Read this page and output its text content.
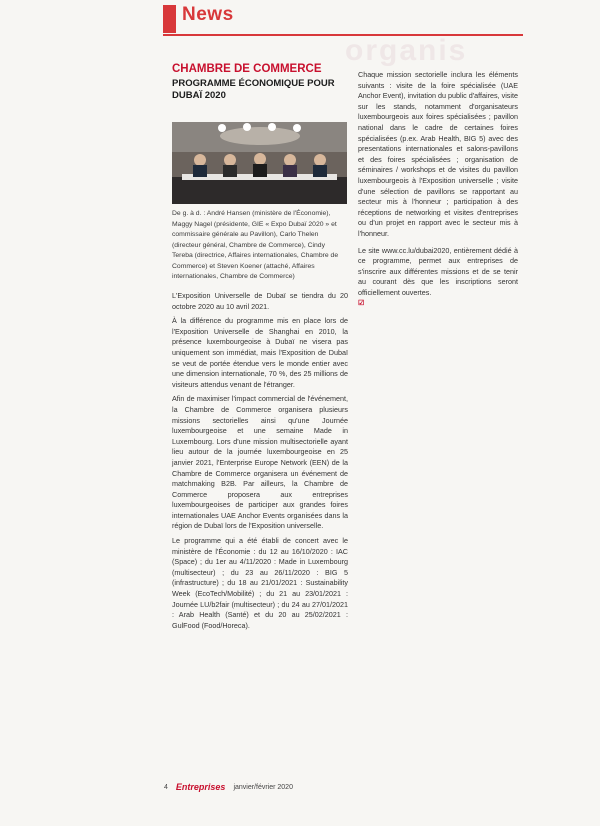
News
organis
CHAMBRE DE COMMERCE
PROGRAMME ÉCONOMIQUE POUR DUBAÏ 2020
De g. à d. : André Hansen (ministère de l'Économie), Maggy Nagel (présidente, GIE « Expo Dubaï 2020 » et commissaire générale au Pavillon), Carlo Thelen (directeur général, Chambre de Commerce), Cindy Tereba (directrice, Affaires internationales, Chambre de Commerce) et Steven Koener (attaché, Affaires internationales, Chambre de Commerce)

L'Exposition Universelle de Dubaï se tiendra du 20 octobre 2020 au 10 avril 2021.

À la différence du programme mis en place lors de l'Exposition Universelle de Shanghai en 2010, la présence luxembourgeoise à Dubaï ne visera pas uniquement son immédiat, mais l'Exposition de Dubaï se veut de portée étendue vers le monde entier avec une dimension internationale, 70 %, des 25 millions de visiteurs attendus venant de l'étranger.

Afin de maximiser l'impact commercial de l'événement, la Chambre de Commerce organisera plusieurs missions sectorielles ainsi qu'une Journée luxembourgeoise et une semaine Made in Luxembourg. Lors d'une mission multisectorielle ayant lieu autour de la journée luxembourgeoise en 25 janvier 2021, l'Enterprise Europe Network (EEN) de la Chambre de Commerce organisera un événement de matchmaking B2B. Par ailleurs, la Chambre de Commerce proposera aux entreprises luxembourgeoises de participer aux grandes foires internationales UAE Anchor Events organisées dans la région de Dubaï lors de l'Exposition universelle.

Le programme qui a été établi de concert avec le ministère de l'Économie : du 12 au 16/10/2020 : IAC (Space) ; du 1er au 4/11/2020 : Made in Luxembourg (multisecteur) ; du 23 au 26/11/2020 : BIG 5 (infrastructure) ; du 18 au 21/01/2021 : Sustainability Week (EcoTech/Mobilité) ; du 21 au 23/01/2021 : Journée LU/b2fair (multisecteur) ; du 24 au 27/01/2021 : Arab Health (Santé) et du 20 au 25/02/2021 : GulFood (Food/Horeca).

Chaque mission sectorielle inclura les éléments suivants : visite de la foire spécialisée (UAE Anchor Event), invitation du public d'affaires, visite sur les stands, notamment d'organisateurs luxembourgeois aux foires spécialisées ; pavillon national dans le cadre de certaines foires spécialisées (p.ex. Arab Health, BIG 5) avec des presentations internationales et salons-pavillons et des foires spécialisées ; organisation de séminaires / workshops et de visites du pavillon luxembourgeois à l'Exposition universelle ; visite d'une sélection de pavillons se rapportant au secteur mis à l'honneur ; participation à des réceptions de networking et visites d'entreprises ou d'un projet en rapport avec le secteur mis à l'honneur.

Le site www.cc.lu/dubai2020, entièrement dédié à ce programme, permet aux entreprises de s'inscrire aux différentes missions et de se tenir au courant dès que les inscriptions seront officiellement ouvertes.

☑
4 Entreprises janvier/février 2020
